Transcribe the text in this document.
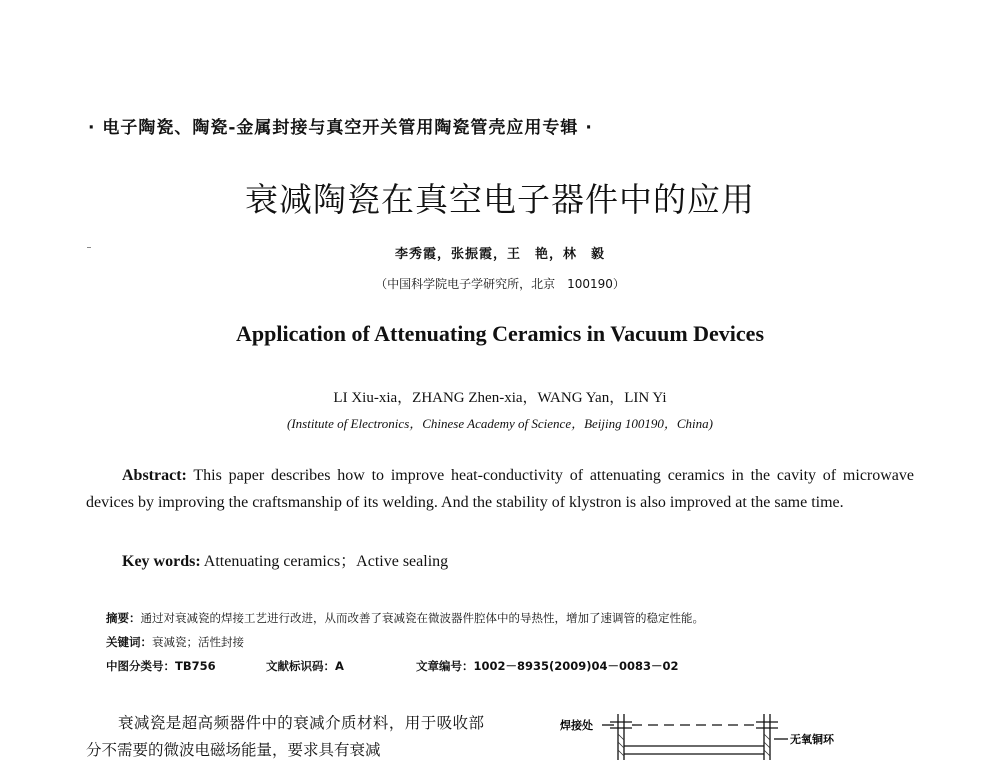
· 电子陶瓷、陶瓷-金属封接与真空开关管用陶瓷管壳应用专辑 ·
衰减陶瓷在真空电子器件中的应用
李秀霞，张振霞，王　艳，林　毅
（中国科学院电子学研究所，北京　100190）
Application of Attenuating Ceramics in Vacuum Devices
LI Xiu-xia，ZHANG Zhen-xia，WANG Yan，LIN Yi
(Institute of Electronics，Chinese Academy of Science，Beijing 100190，China)
Abstract: This paper describes how to improve heat-conductivity of attenuating ceramics in the cavity of microwave devices by improving the craftsmanship of its welding. And the stability of klystron is also improved at the same time.
Key words: Attenuating ceramics；Active sealing
摘要：通过对衰减瓷的焊接工艺进行改进，从而改善了衰减瓷在微波器件腔体中的导热性，增加了速调管的稳定性能。
关键词：衰减瓷；活性封接
中图分类号：TB756	文献标识码：A	文章编号：1002－8935(2009)04－0083－02
衰减瓷是超高频器件中的衰减介质材料，用于吸收部分不需要的微波电磁场能量，要求具有衰减
焊接处
无氧铜环
